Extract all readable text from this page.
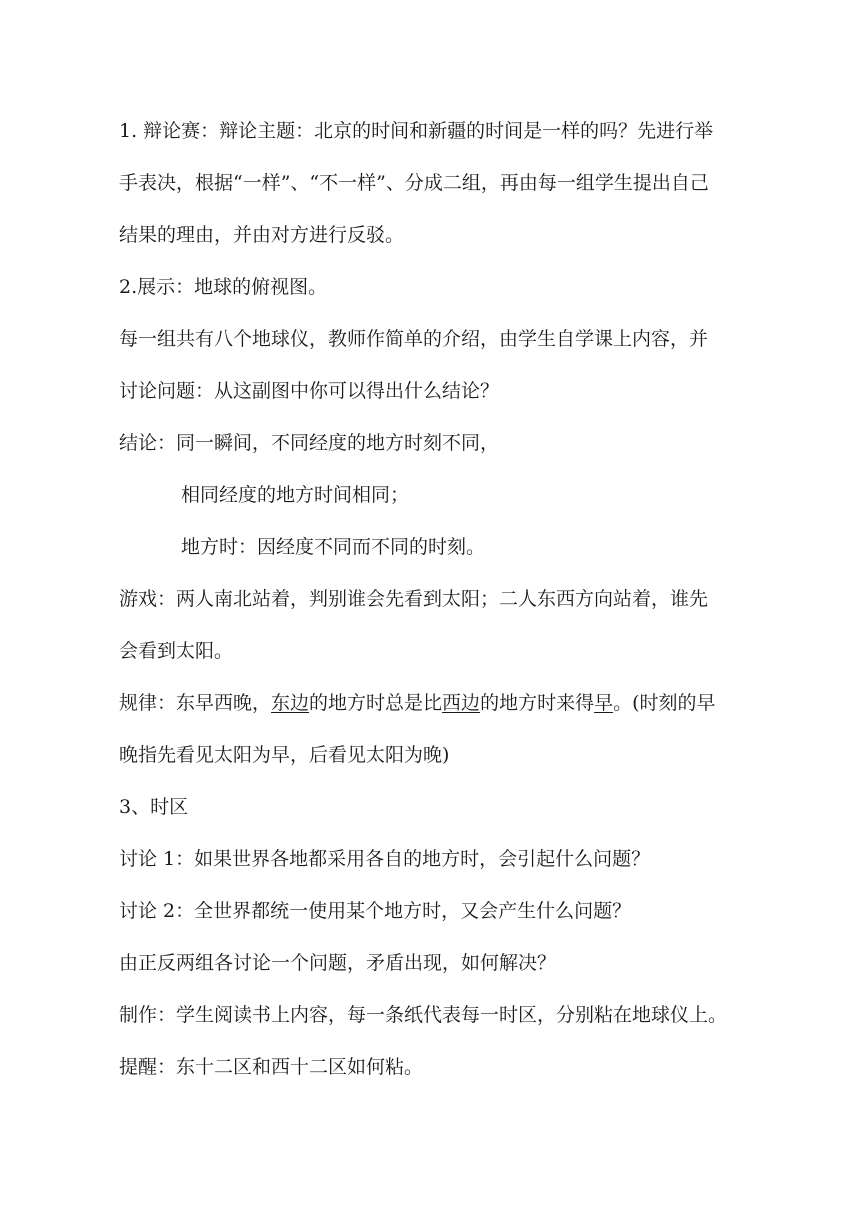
1. 辩论赛：辩论主题：北京的时间和新疆的时间是一样的吗？先进行举
手表决，根据“一样”、“不一样”、分成二组，再由每一组学生提出自己
结果的理由，并由对方进行反驳。
2.展示：地球的俯视图。
每一组共有八个地球仪，教师作简单的介绍，由学生自学课上内容，并
讨论问题：从这副图中你可以得出什么结论？
结论：同一瞬间，不同经度的地方时刻不同，
相同经度的地方时间相同；
地方时：因经度不同而不同的时刻。
游戏：两人南北站着，判别谁会先看到太阳；二人东西方向站着，谁先
会看到太阳。
规律：东早西晚，东边的地方时总是比西边的地方时来得早。(时刻的早
晚指先看见太阳为早，后看见太阳为晚)
3、时区
讨论 1：如果世界各地都采用各自的地方时，会引起什么问题？
讨论 2：全世界都统一使用某个地方时，又会产生什么问题？
由正反两组各讨论一个问题，矛盾出现，如何解决？
制作：学生阅读书上内容，每一条纸代表每一时区，分别粘在地球仪上。
提醒：东十二区和西十二区如何粘。
